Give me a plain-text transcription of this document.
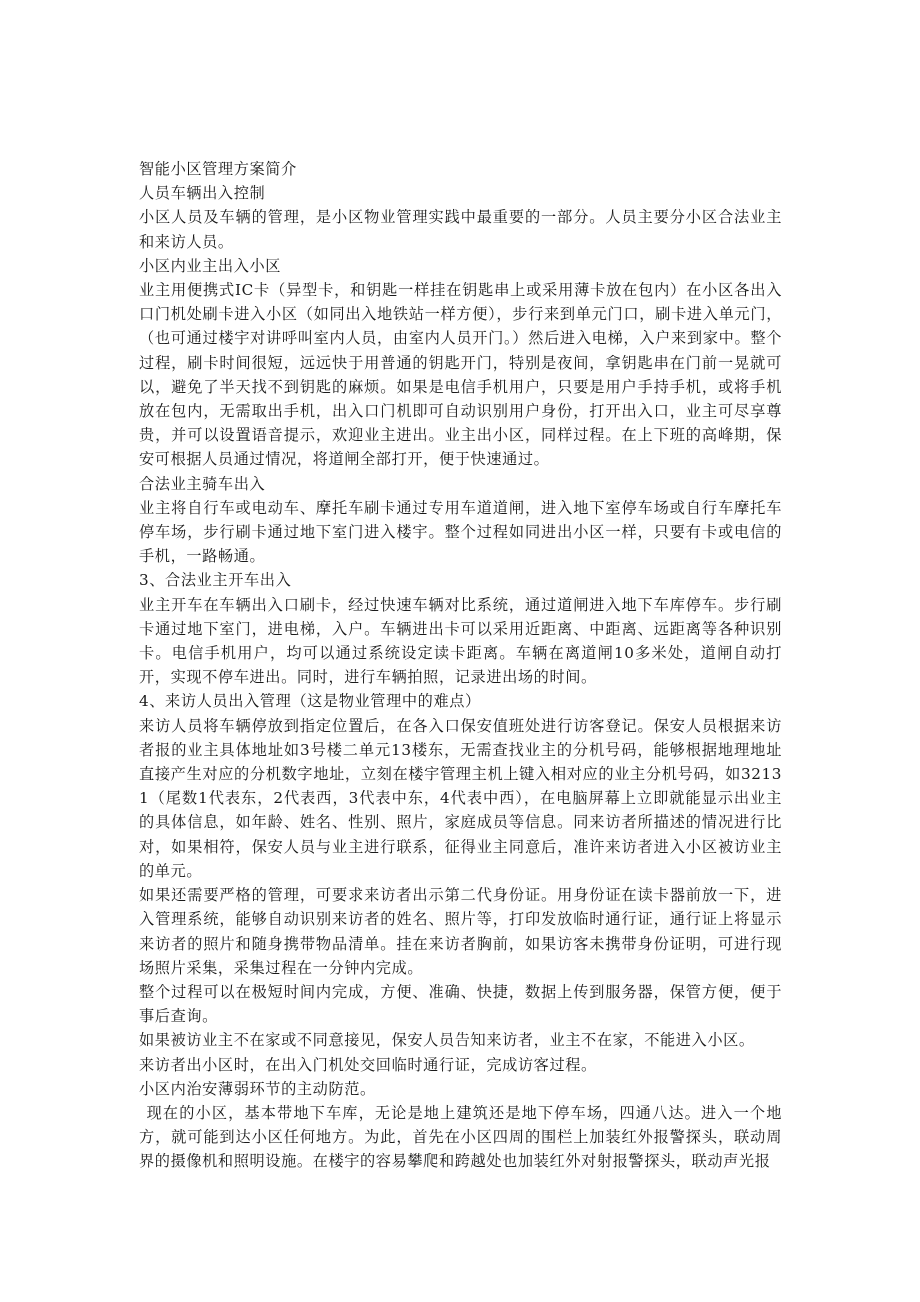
智能小区管理方案简介

人员车辆出入控制

小区人员及车辆的管理，是小区物业管理实践中最重要的一部分。人员主要分小区合法业主和来访人员。

小区内业主出入小区

业主用便携式IC卡（异型卡，和钥匙一样挂在钥匙串上或采用薄卡放在包内）在小区各出入口门机处刷卡进入小区（如同出入地铁站一样方便），步行来到单元门口，刷卡进入单元门，（也可通过楼宇对讲呼叫室内人员，由室内人员开门。）然后进入电梯，入户来到家中。整个过程，刷卡时间很短，远远快于用普通的钥匙开门，特别是夜间，拿钥匙串在门前一晃就可以，避免了半天找不到钥匙的麻烦。如果是电信手机用户，只要是用户手持手机，或将手机放在包内，无需取出手机，出入口门机即可自动识别用户身份，打开出入口，业主可尽享尊贵，并可以设置语音提示，欢迎业主进出。业主出小区，同样过程。在上下班的高峰期，保安可根据人员通过情况，将道闸全部打开，便于快速通过。

合法业主骑车出入

业主将自行车或电动车、摩托车刷卡通过专用车道道闸，进入地下室停车场或自行车摩托车停车场，步行刷卡通过地下室门进入楼宇。整个过程如同进出小区一样，只要有卡或电信的手机，一路畅通。

3、合法业主开车出入

业主开车在车辆出入口刷卡，经过快速车辆对比系统，通过道闸进入地下车库停车。步行刷卡通过地下室门，进电梯，入户。车辆进出卡可以采用近距离、中距离、远距离等各种识别卡。电信手机用户，均可以通过系统设定读卡距离。车辆在离道闸10多米处，道闸自动打开，实现不停车进出。同时，进行车辆拍照，记录进出场的时间。

4、来访人员出入管理（这是物业管理中的难点）

来访人员将车辆停放到指定位置后，在各入口保安值班处进行访客登记。保安人员根据来访者报的业主具体地址如3号楼二单元13楼东，无需查找业主的分机号码，能够根据地理地址直接产生对应的分机数字地址，立刻在楼宇管理主机上键入相对应的业主分机号码，如32131（尾数1代表东，2代表西，3代表中东，4代表中西），在电脑屏幕上立即就能显示出业主的具体信息，如年龄、姓名、性别、照片，家庭成员等信息。同来访者所描述的情况进行比对，如果相符，保安人员与业主进行联系，征得业主同意后，准许来访者进入小区被访业主的单元。

如果还需要严格的管理，可要求来访者出示第二代身份证。用身份证在读卡器前放一下，进入管理系统，能够自动识别来访者的姓名、照片等，打印发放临时通行证，通行证上将显示来访者的照片和随身携带物品清单。挂在来访者胸前，如果访客未携带身份证明，可进行现场照片采集，采集过程在一分钟内完成。

整个过程可以在极短时间内完成，方便、准确、快捷，数据上传到服务器，保管方便，便于事后查询。

如果被访业主不在家或不同意接见，保安人员告知来访者，业主不在家，不能进入小区。

来访者出小区时，在出入门机处交回临时通行证，完成访客过程。

小区内治安薄弱环节的主动防范。

现在的小区，基本带地下车库，无论是地上建筑还是地下停车场，四通八达。进入一个地方，就可能到达小区任何地方。为此，首先在小区四周的围栏上加装红外报警探头，联动周界的摄像机和照明设施。在楼宇的容易攀爬和跨越处也加装红外对射报警探头，联动声光报
